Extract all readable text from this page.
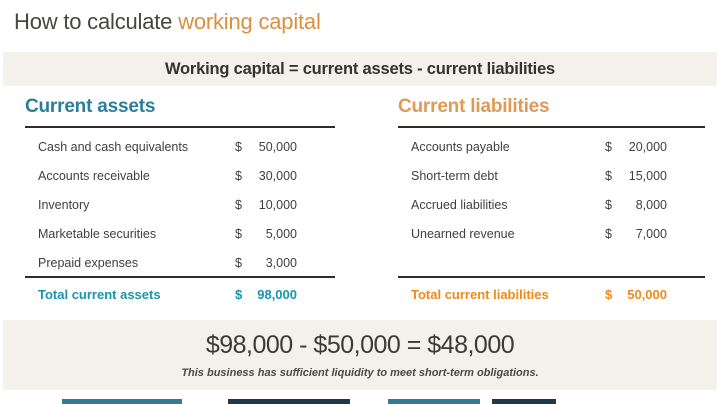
How to calculate working capital
Working capital = current assets - current liabilities
Current assets
Cash and cash equivalents	$ 50,000
Accounts receivable	$ 30,000
Inventory	$ 10,000
Marketable securities	$ 5,000
Prepaid expenses	$ 3,000
Total current assets	$ 98,000
Current liabilities
Accounts payable	$ 20,000
Short-term debt	$ 15,000
Accrued liabilities	$ 8,000
Unearned revenue	$ 7,000
Total current liabilities	$ 50,000
$98,000 - $50,000 = $48,000
This business has sufficient liquidity to meet short-term obligations.
